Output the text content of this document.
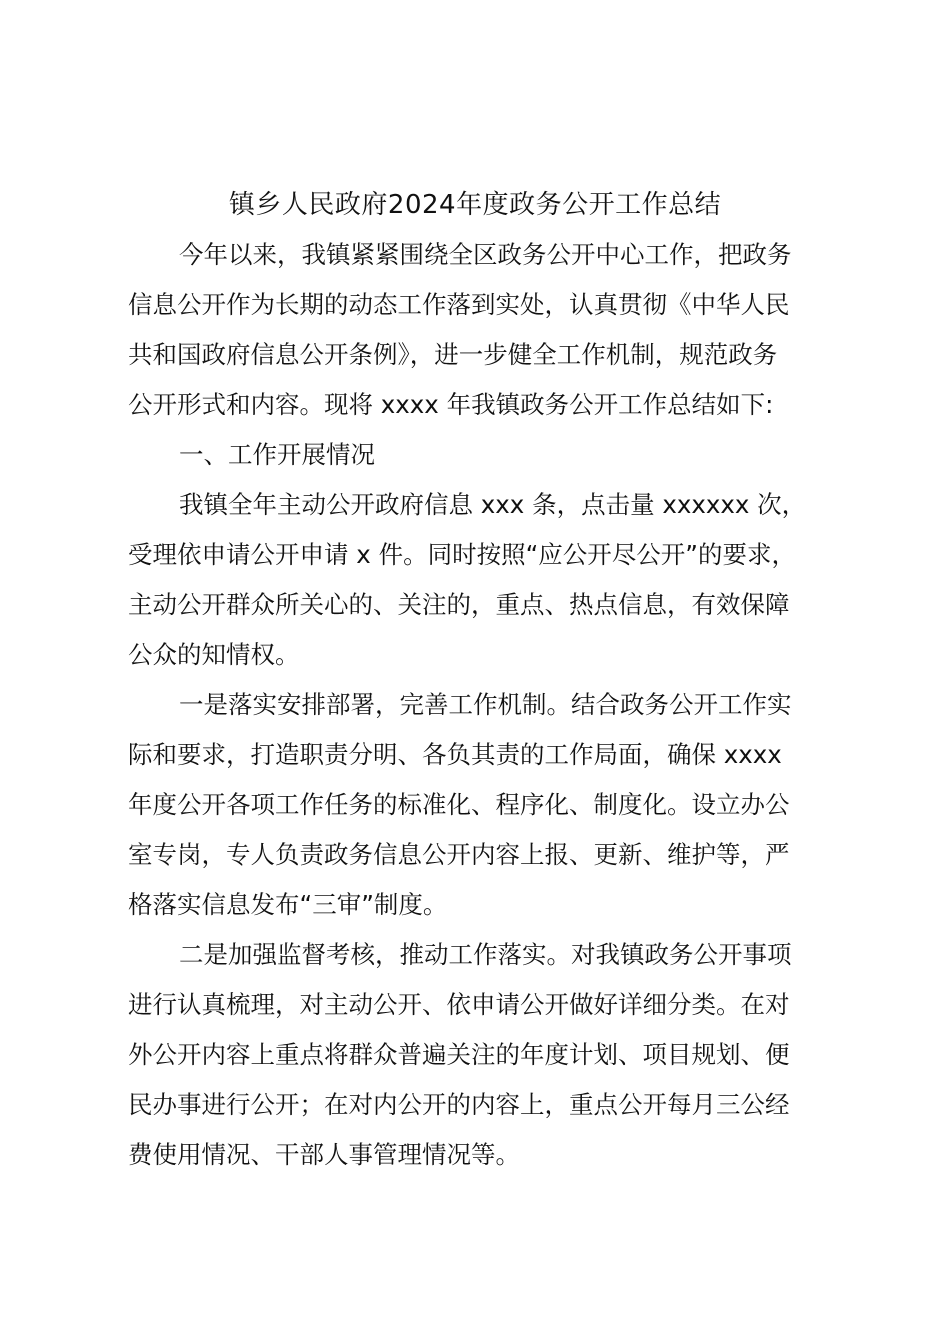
镇乡人民政府2024年度政务公开工作总结
今年以来，我镇紧紧围绕全区政务公开中心工作，把政务
信息公开作为长期的动态工作落到实处，认真贯彻《中华人民
共和国政府信息公开条例》，进一步健全工作机制，规范政务
公开形式和内容。现将 xxxx 年我镇政务公开工作总结如下:
一、工作开展情况
我镇全年主动公开政府信息 xxx 条，点击量 xxxxxx 次，
受理依申请公开申请 x 件。同时按照“应公开尽公开”的要求，
主动公开群众所关心的、关注的，重点、热点信息，有效保障
公众的知情权。
一是落实安排部署，完善工作机制。结合政务公开工作实
际和要求，打造职责分明、各负其责的工作局面，确保 xxxx
年度公开各项工作任务的标准化、程序化、制度化。设立办公
室专岗，专人负责政务信息公开内容上报、更新、维护等，严
格落实信息发布“三审”制度。
二是加强监督考核，推动工作落实。对我镇政务公开事项
进行认真梳理，对主动公开、依申请公开做好详细分类。在对
外公开内容上重点将群众普遍关注的年度计划、项目规划、便
民办事进行公开；在对内公开的内容上，重点公开每月三公经
费使用情况、干部人事管理情况等。
